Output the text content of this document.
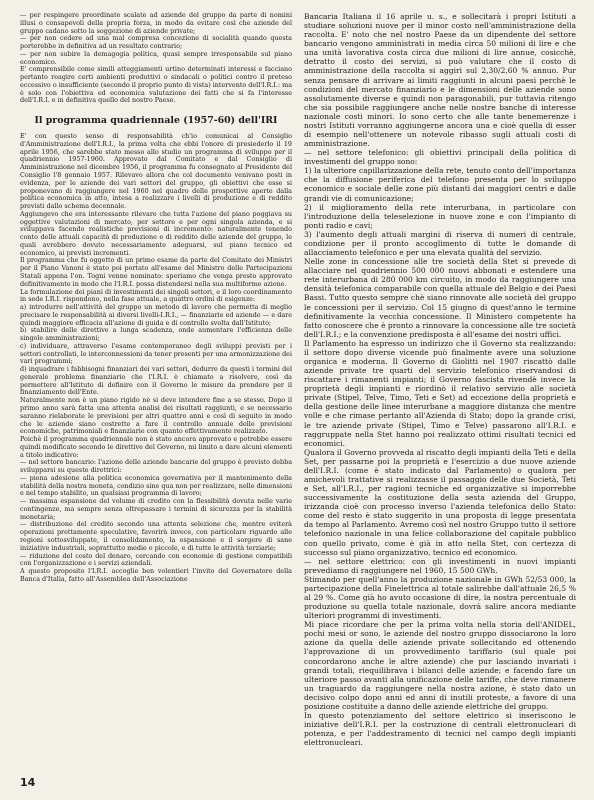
— per respingere preordinate scalate ad aziende del gruppo da parte di nomini illusi o consapevoli della propria forza, in modo da evitare così che aziende del gruppo cadano sotto la soggezione di aziende private;

— per non cedere ad una mal compresa concezione di socialità quando questa porterebbe in definitiva ad un resultato contrario;

— per non subire la demagogia politica, quasi sempre irresponsabile sul piano economico.

E' comprensibile come simili atteggiamenti urtino determinati interessi e facciano pertanto reagire certi ambienti produttivi o sindacali o politici contro il preteso eccessivo o insufficiente (secondo il proprio punto di vista) intervento dell'I.R.I.: ma è solo con l'obiettiva ed economica valutazione dei fatti che si fa l'interesse dell'I.R.I. e in definitiva quello del nostro Paese.

Il programma quadriennale (1957-60) dell'IRI

E' con questo senso di responsabilità ch'io comunicai al Consiglio d'Amministrazione dell'I.R.I., la prima volta che ebbi l'onore di presiederlo il 19 aprile 1956, che sarebbe stato messo allo studio un programma di sviluppo per il quadriennio 1957-1960. Approvato dal Comitato e dal Consiglio di Amministrazione nel dicembre 1956, il programma fu consegnato al Presidente del Consiglio l'8 gennaio 1957. Rilevavo allora che col documento venivano posti in evidenza, per le aziende dei vari settori del gruppo, gli obiettivi che esse si proponevano di raggiungere nel 1960 nel quadro delle prospettive aperte dalla politica economica in atto, intesa a realizzare i livelli di produzione e di reddito previsti dallo schema decennale.

Aggiungevo che era interessante rilevare che tutta l'azione del piano poggiava su oggettive valutazioni di mercato, per settore e per ogni singola azienda, e si sviluppava facendo realistiche previsioni di incremento: naturalmente tenendo conto delle attuali capacità di produzione e di reddito delle aziende del gruppo, le quali avrebbero dovuto necessariamente adeguarsi, sul piano tecnico ed economico, ai previsti incrementi.

Il programma che fu oggetto di un primo esame da parte del Comitato dei Ministri per il Piano Vanoni è stato poi portato all'esame del Ministro delle Partecipazioni Statali appena l'on. Togni venne nominato: speriamo che venga presto approvato definitivamente in modo che l'I.R.I. possa distendersi nella sua multiforme azione.

La formulazione dei piani di investimenti dei singoli settori, e il loro coordinamento in sede I.R.I. rispondono, nella fase attuale, a quattro ordini di esigenze:

a) introdurre nell'attività del gruppo un metodo di lavoro che permetta di meglio precisare le responsabilità ai diversi livelli-I.R.I., — finanziarie ed aziende — e dare quindi maggiore efficacia all'azione di guida e di controllo svolta dall'Istituto;

b) stabilire delle direttive a lunga scadenza, onde aumentare l'efficienza delle singole amministrazioni;

c) individuare, attraverso l'esame contemporaneo degli sviluppi previsti per i settori controllati, le interconnessioni da tener presenti per una armonizzazione dei vari programmi;

d) inquadrare i fabbisogni finanziari dei vari settori, dedurre da questi i termini del generale problema finanziario che l'I.R.I. è chiamato a risolvere, così da permettere all'Istituto di definire con il Governo le misure da prendere per il finanziamento dell'Ente.

Naturalmente non è un piano rigido nè si deve intendere fine a se stesso. Dopo il primo anno sarà fatta una attenta analisi dei risultati raggiunti, e se necessario saranno rielaborate le previsioni per altri quattro anni e così di seguito in modo che le aziende siano costrette a fare il controllo annuale delle previsioni economiche, patrimoniali e finanziarie con quanto effettivamente realizzato.

Poichè il programma quadriennale non è stato ancora approvato e potrebbe essere quindi modificato secondo le direttive del Governo, mi limito a dare alcuni elementi a titolo indicativo:

— nel settore bancario: l'azione delle aziende bancarie del gruppo è previsto debba svilupparsi su queste direttrici:

— piena adesione alla politica economica governativa per il mantenimento della stabilità della nostra moneta, condizio sine qua non per realizzare, nelle dimensioni e nel tempo stabilito, un qualsiasi programma di lavoro;

— massima espansione del volume di credito con la flessibilità dovuta nelle varie contingenze, ma sempre senza oltrepassare i termini di sicurezza per la stabilità monetaria;

— distribuzione del credito secondo una attenta selezione che, mentre eviterà operazioni prettamente speculative, favorirà invece, con particolare riguardo alle regioni sottosviluppate, il consolidamento, la espansione e il sorgere di sane iniziative industriali, soprattutto medie e piccole, e di tutte le attività terziarie;

— riduzione del costo del denaro, cercando con economie di gestione compatibili con l'organizzazione e i servizi aziendali.

A questo proposito l'I.R.I. accoglie ben volentieri l'invito del Governatore della Banca d'Italia, fatto all'Assemblea dell'Associazione

Bancaria Italiana il 16 aprile u. s., e sollecitarà i propri Istituti a studiare soluzioni nuove per il minor costo nell'amministrazione della raccolta. E' noto che nel nostro Paese da un dipendente del settore bancario vengono amministrati in media circa 50 milioni di lire e che una unità lavorativa costa circa due milioni di lire annue, cosicchè, detratto il costo dei servizi, si può valutare che il costo di amministrazione della raccolta si aggiri sul 2,30/2,60 % annuo. Pur senza pensare di arrivare ai limiti raggiunti in alcuni paesi perchè le condizioni del mercato finanziario e le dimensioni delle aziende sono assolutamente diverse e quindi non paragonabili, pur tuttavia ritengo che sia possibile raggiungere anche nelle nostre banche di interesse nazionale costi minori. Io sono certo che alle tante benemerenze i nostri Istituti vorranno aggiungerne ancora una e cioè quella di esser di esempio nell'ottenere un notevole ribasso sugli attuali costi di amministrazione.

— nel settore telefonico: gli obiettivi principali della politica di investimenti del gruppo sono:

1) la ulteriore capillarizzazione della rete, tenuto conto dell'importanza che la diffusione periferica del telefono presenta per lo sviluppo economico e sociale delle zone più distanti dai maggiori centri e dalle grandi vie di comunicazione;

2) il miglioramento della rete interurbana, in particolare con l'introduzione della teleselezione in nuove zone e con l'impianto di ponti radio e cavi;

3) l'aumento degli attuali margini di riserva di numeri di centrale, condizione per il pronto accoglimento di tutte le domande di allacciamento telefonico e per una elevata qualità del servizio.

Nelle zone in concessione alle tre società della Stet si prevede di allacciare nel quadriennio 500 000 nuovi abbonati e estendere una rete interurbana di 280 000 km circuito, in modo da raggiungere una densità telefonica comparabile con quella attuale del Belgio e dei Paesi Bassi. Tutto questo sempre chè siano rinnovate alle società del gruppo le concessioni per il servizio. Col 15 giugno di quest'anno le termine definitivamente la vecchia concessione. Il Ministero competente ha fatto conoscere che è pronto a rinnovare la concessione alle tre società dell'I.R.I.; e la convenzione predisposta è all'esame dei nostri uffici.

Il Parlamento ha espresso un indirizzo che il Governo sta realizzando: il settore dopo diverse vicende può finalmente avere una soluzione organica e moderna. Il Governo di Giolitti nel 1907 riscattò dalle aziende private tre quarti del servizio telefonico riservandosi di riscattare i rimanenti impianti; il Governo fascista rivendè invece la proprietà degli impianti e riordinò il relativo servizio alle società private (Stipel, Telve, Timo, Teti e Set) ad eccezione della proprietà e della gestione delle linee interurbane a maggiore distanza che mentre volle e che rimase pertanto all'Azienda di Stato; dopo la grande crisi, le tre aziende private (Stipel, Timo e Telve) passarono all'I.R.I. e raggruppate nella Stet hanno poi realizzato ottimi risultati tecnici ed economici.

Qualora il Governo provveda al riscatto degli impianti della Teti e della Set, per passarne poi la proprietà e l'esercizio a due nuove aziende dell'I.R.I. (come è stato indicato dal Parlamento) o qualora per amichevoli trattative si realizzasse il passaggio delle due Società, Teti e Set, all'I.R.I., per ragioni tecniche ed organizzative si imporrebbe successivamente la costituzione della sesta azienda del Gruppo, irizzanda cioè con processo inverso l'azienda telefonica dello Stato: come del resto è stato suggerito in una proposta di legge presentata da tempo al Parlamento. Avremo così nel nostro Gruppo tutto il settore telefonico nazionale in una felice collaborazione del capitale pubblico con quello privato, come è già in atto nella Stet, con certezza di successo sul piano organizzativo, tecnico ed economico.

— nel settore elettrico: con gli investimenti in nuovi impianti prevediamo di raggiungere nel 1960, 15 500 GWh.

Stimando per quell'anno la produzione nazionale in GWh 52/53 000, la partecipazione della Finelettrica al totale salirebbe dall'attuale 26,5 % al 29 %. Come già ho avuto occasione di dire, la nostra percentuale di produzione su quella totale nazionale, dovrà salire ancora mediante ulteriori programmi di investimenti.

Mi piace ricordare che per la prima volta nella storia dell'ANIDEL, pochi mesi or sono, le aziende del nostro gruppo dissociarono la loro azione da quella delle aziende private sollecitando ed ottenendo l'approvazione di un provvedimento tariffario (sul quale poi concordarono anche le altre aziende) che pur lasciando invariati i grandi totali, riequilibrava i bilanci delle aziende; e facendo fare un ulteriore passo avanti alla unificazione delle tariffe, che deve rimanere un traguardo da raggiungere nella nostra azione, è stato dato un decisivo colpo dopo anni ed anni di inutili proteste, a favore di una posizione costituite a danno delle aziende elettriche del gruppo.

In questo potenziamento del settore elettrico si inseriscono le iniziative dell'I.R.I. per la costruzione di centrali elettronucleari di potenza, e per l'addestramento di tecnici nel campo degli impianti elettronucleari.

14
